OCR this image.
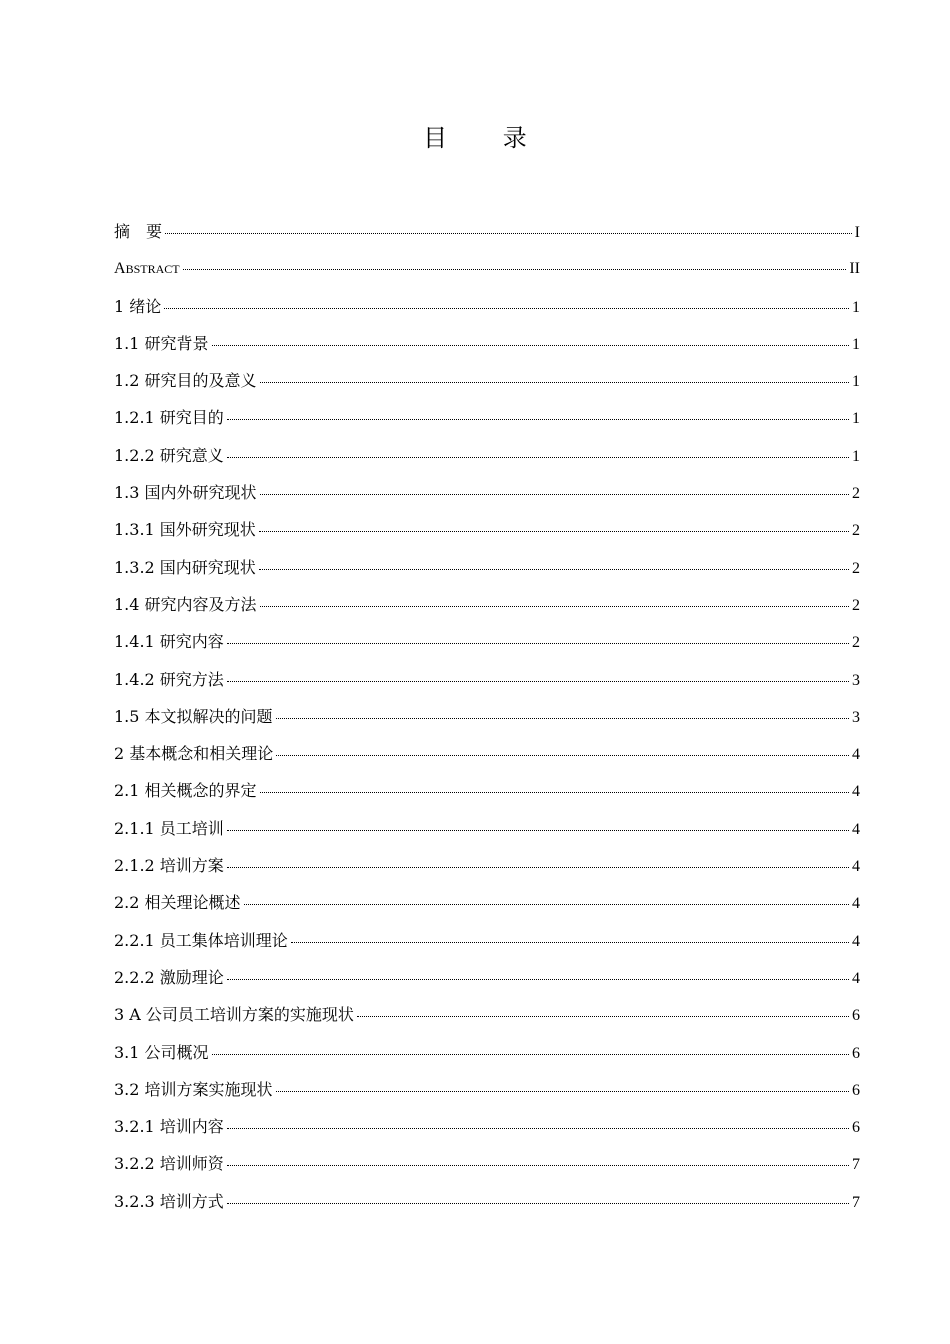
目 录
摘　要	I
ABSTRACT	II
1 绪论	1
1.1 研究背景	1
1.2 研究目的及意义	1
1.2.1 研究目的	1
1.2.2 研究意义	1
1.3 国内外研究现状	2
1.3.1 国外研究现状	2
1.3.2 国内研究现状	2
1.4 研究内容及方法	2
1.4.1 研究内容	2
1.4.2 研究方法	3
1.5 本文拟解决的问题	3
2 基本概念和相关理论	4
2.1 相关概念的界定	4
2.1.1 员工培训	4
2.1.2 培训方案	4
2.2 相关理论概述	4
2.2.1 员工集体培训理论	4
2.2.2 激励理论	4
3 A 公司员工培训方案的实施现状	6
3.1 公司概况	6
3.2 培训方案实施现状	6
3.2.1 培训内容	6
3.2.2 培训师资	7
3.2.3 培训方式	7
